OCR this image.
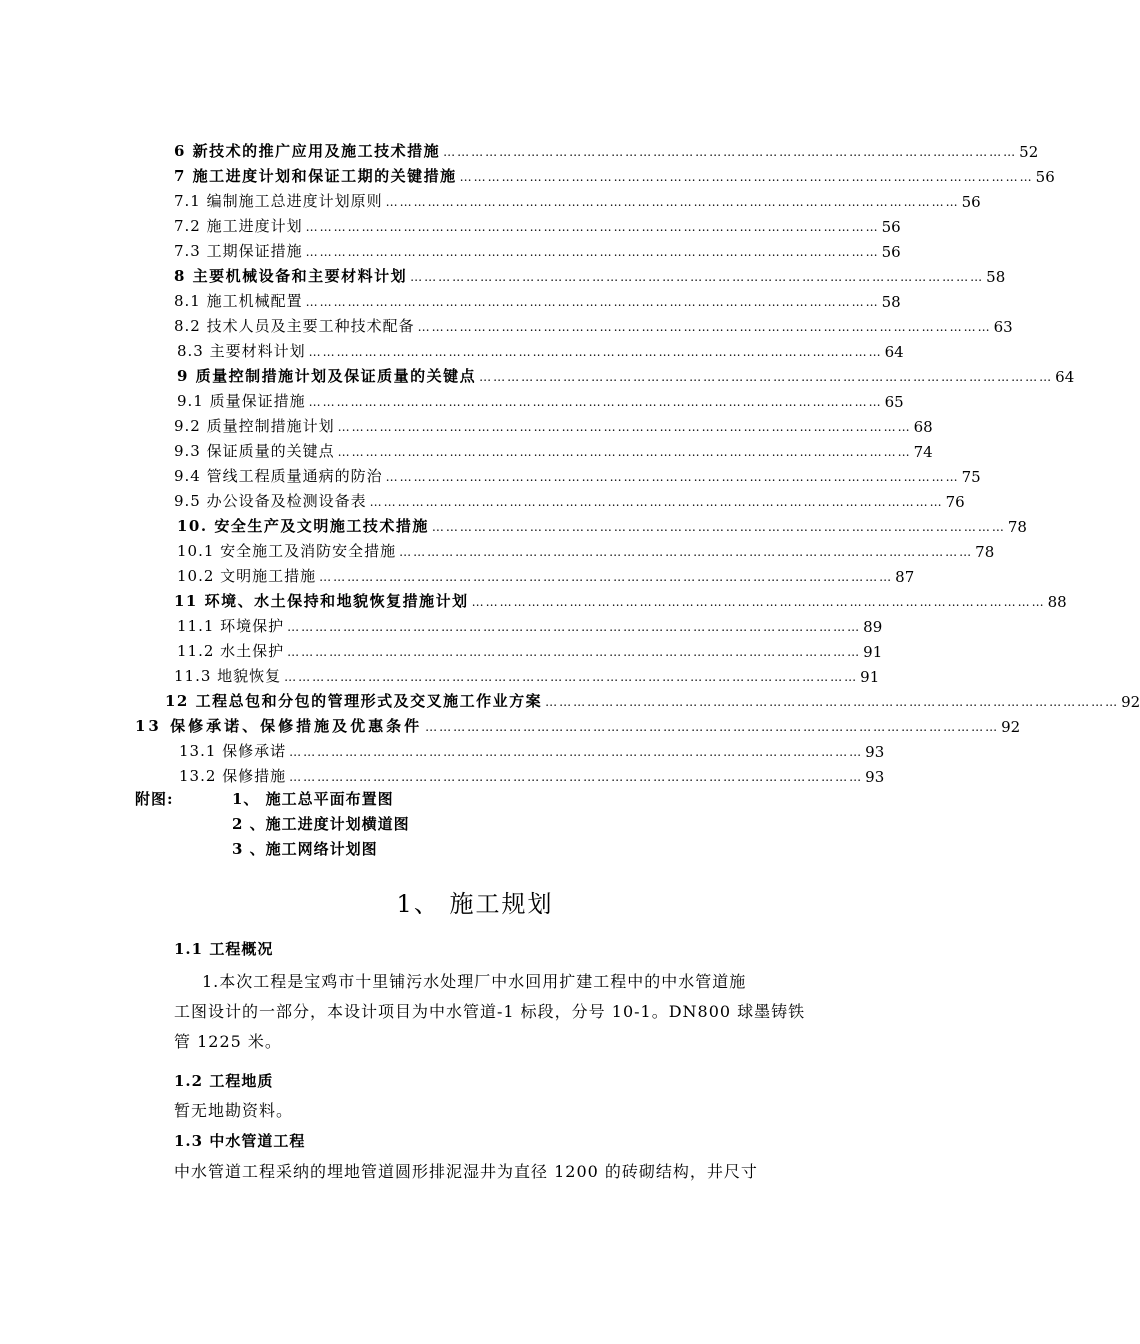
6 新技术的推广应用及施工技术措施 …………………………………………………………………………………………………………… 52
7 施工进度计划和保证工期的关键措施 …………………………………………………………………………………………………………… 56
7.1 编制施工总进度计划原则 …………………………………………………………………………………………………………… 56
7.2 施工进度计划 …………………………………………………………………………………………………………… 56
7.3 工期保证措施 …………………………………………………………………………………………………………… 56
8 主要机械设备和主要材料计划 …………………………………………………………………………………………………………… 58
8.1 施工机械配置 …………………………………………………………………………………………………………… 58
8.2 技术人员及主要工种技术配备 …………………………………………………………………………………………………………… 63
8.3 主要材料计划 …………………………………………………………………………………………………………… 64
9 质量控制措施计划及保证质量的关键点 …………………………………………………………………………………………………………… 64
9.1 质量保证措施 …………………………………………………………………………………………………………… 65
9.2 质量控制措施计划 …………………………………………………………………………………………………………… 68
9.3 保证质量的关键点 …………………………………………………………………………………………………………… 74
9.4 管线工程质量通病的防治 …………………………………………………………………………………………………………… 75
9.5 办公设备及检测设备表 …………………………………………………………………………………………………………… 76
10. 安全生产及文明施工技术措施 …………………………………………………………………………………………………………… 78
10.1 安全施工及消防安全措施 …………………………………………………………………………………………………………… 78
10.2 文明施工措施 …………………………………………………………………………………………………………… 87
11 环境、水土保持和地貌恢复措施计划 …………………………………………………………………………………………………………… 88
11.1 环境保护 …………………………………………………………………………………………………………… 89
11.2 水土保护 …………………………………………………………………………………………………………… 91
11.3 地貌恢复 …………………………………………………………………………………………………………… 91
12 工程总包和分包的管理形式及交叉施工作业方案 …………………………………………………………………………………………………………… 92
13 保修承诺、保修措施及优惠条件 …………………………………………………………………………………………………………… 92
13.1 保修承诺 …………………………………………………………………………………………………………… 93
13.2 保修措施 …………………………………………………………………………………………………………… 93
附图:	1、 施工总平面布置图
2 、施工进度计划横道图
3 、施工网络计划图
1、 施工规划
1.1 工程概况
1.本次工程是宝鸡市十里铺污水处理厂中水回用扩建工程中的中水管道施
工图设计的一部分，本设计项目为中水管道-1 标段，分号 10-1。DN800 球墨铸铁
管 1225 米。
1.2 工程地质
暂无地勘资料。
1.3 中水管道工程
中水管道工程采纳的埋地管道圆形排泥湿井为直径 1200 的砖砌结构，井尺寸
